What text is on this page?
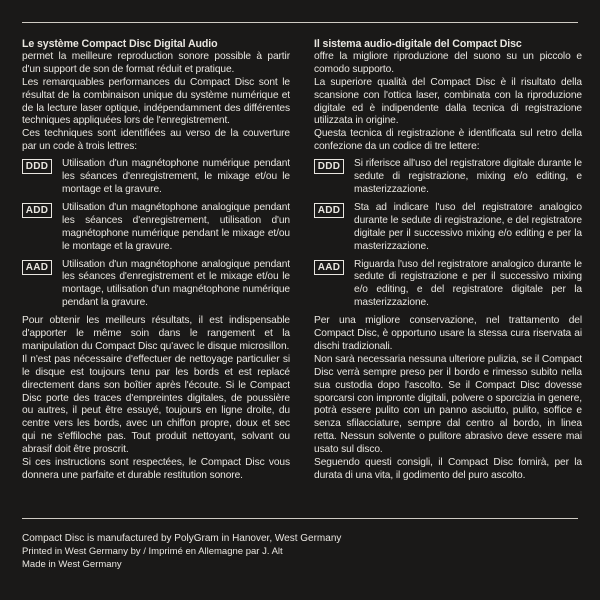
Le système Compact Disc Digital Audio

permet la meilleure reproduction sonore possible à partir d'un support de son de format réduit et pratique.

Les remarquables performances du Compact Disc sont le résultat de la combinaison unique du système numérique et de la lecture laser optique, indépendamment des différentes techniques appliquées lors de l'enregistrement.

Ces techniques sont identifiées au verso de la couverture par un code à trois lettres:

DDD	Utilisation d'un magnétophone numérique pendant les séances d'enregistrement, le mixage et/ou le montage et la gravure.
ADD	Utilisation d'un magnétophone analogique pendant les séances d'enregistrement, utilisation d'un magnétophone numérique pendant le mixage et/ou le montage et la gravure.
AAD	Utilisation d'un magnétophone analogique pendant les séances d'enregistrement et le mixage et/ou le montage, utilisation d'un magnétophone numérique pendant la gravure.

Pour obtenir les meilleurs résultats, il est indispensable d'apporter le même soin dans le rangement et la manipulation du Compact Disc qu'avec le disque microsillon.

Il n'est pas nécessaire d'effectuer de nettoyage particulier si le disque est toujours tenu par les bords et est replacé directement dans son boîtier après l'écoute. Si le Compact Disc porte des traces d'empreintes digitales, de poussière ou autres, il peut être essuyé, toujours en ligne droite, du centre vers les bords, avec un chiffon propre, doux et sec qui ne s'effiloche pas. Tout produit nettoyant, solvant ou abrasif doit être proscrit.

Si ces instructions sont respectées, le Compact Disc vous donnera une parfaite et durable restitution sonore.

Il sistema audio-digitale del Compact Disc

offre la migliore riproduzione del suono su un piccolo e comodo supporto.

La superiore qualità del Compact Disc è il risultato della scansione con l'ottica laser, combinata con la riproduzione digitale ed è indipendente dalla tecnica di registrazione utilizzata in origine.

Questa tecnica di registrazione è identificata sul retro della confezione da un codice di tre lettere:

DDD	Si riferisce all'uso del registratore digitale durante le sedute di registrazione, mixing e/o editing, e masterizzazione.
ADD	Sta ad indicare l'uso del registratore analogico durante le sedute di registrazione, e del registratore digitale per il successivo mixing e/o editing e per la masterizzazione.
AAD	Riguarda l'uso del registratore analogico durante le sedute di registrazione e per il successivo mixing e/o editing, e del registratore digitale per la masterizzazione.

Per una migliore conservazione, nel trattamento del Compact Disc, è opportuno usare la stessa cura riservata ai dischi tradizionali.

Non sarà necessaria nessuna ulteriore pulizia, se il Compact Disc verrà sempre preso per il bordo e rimesso subito nella sua custodia dopo l'ascolto. Se il Compact Disc dovesse sporcarsi con impronte digitali, polvere o sporcizia in genere, potrà essere pulito con un panno asciutto, pulito, soffice e senza sfilacciature, sempre dal centro al bordo, in linea retta. Nessun solvente o pulitore abrasivo deve essere mai usato sul disco.

Seguendo questi consigli, il Compact Disc fornirà, per la durata di una vita, il godimento del puro ascolto.

Compact Disc is manufactured by PolyGram in Hanover, West Germany
Printed in West Germany by / Imprimé en Allemagne par J. Alt
Made in West Germany
